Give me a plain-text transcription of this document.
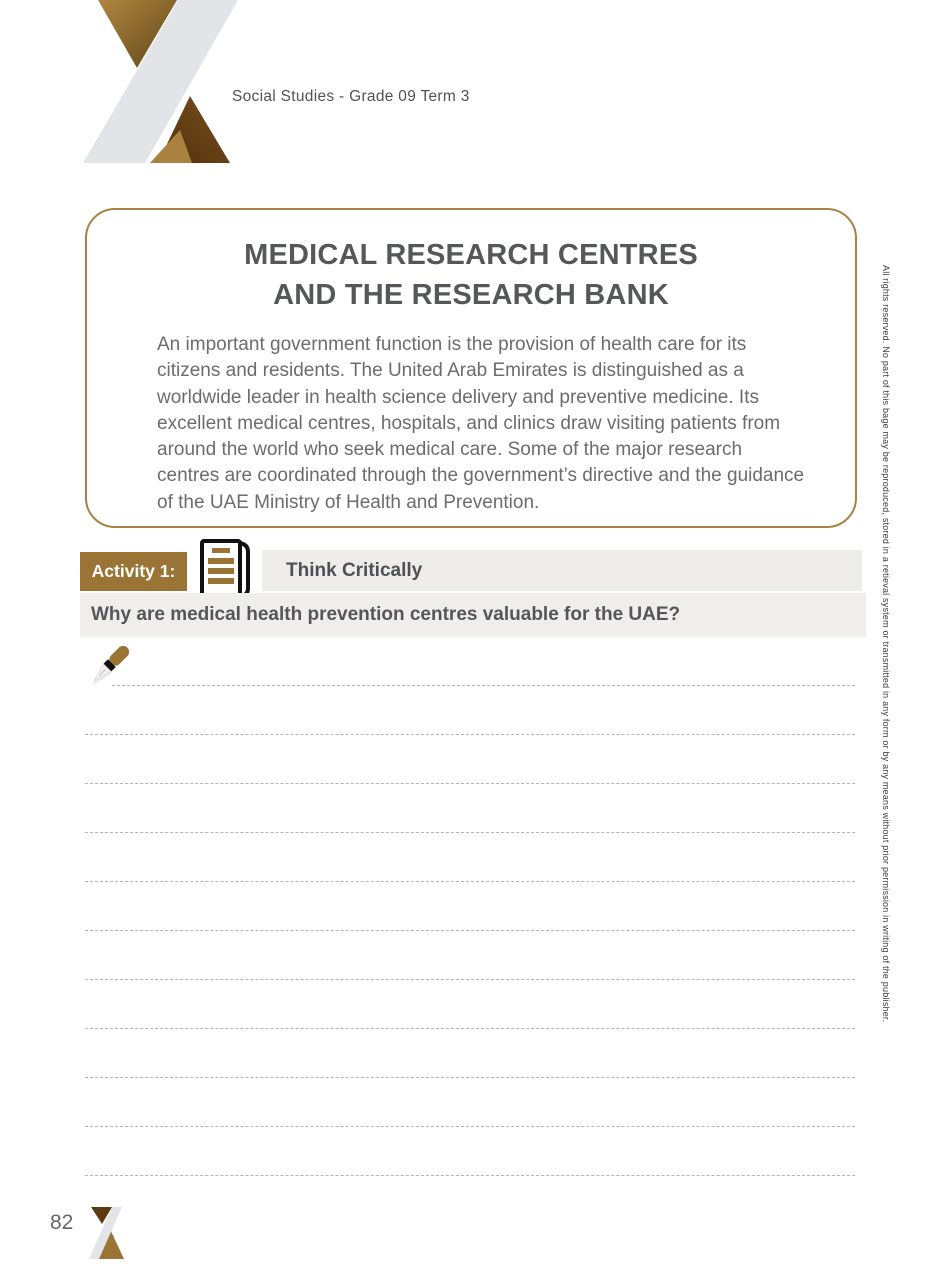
Social Studies - Grade 09 Term 3
All rights reserved. No part of this bage may be reproduced, stored in a retieval system or transmitted in any form or by any means without prior permission in writing of the publisher.
MEDICAL RESEARCH CENTRES
AND THE RESEARCH BANK

An important government function is the provision of health care for its citizens and residents. The United Arab Emirates is distinguished as a worldwide leader in health science delivery and preventive medicine. Its excellent medical centres, hospitals, and clinics draw visiting patients from around the world who seek medical care. Some of the major research centres are coordinated through the government’s directive and the guidance of the UAE Ministry of Health and Prevention.

Activity 1:	Think Critically
Why are medical health prevention centres valuable for the UAE?
82
